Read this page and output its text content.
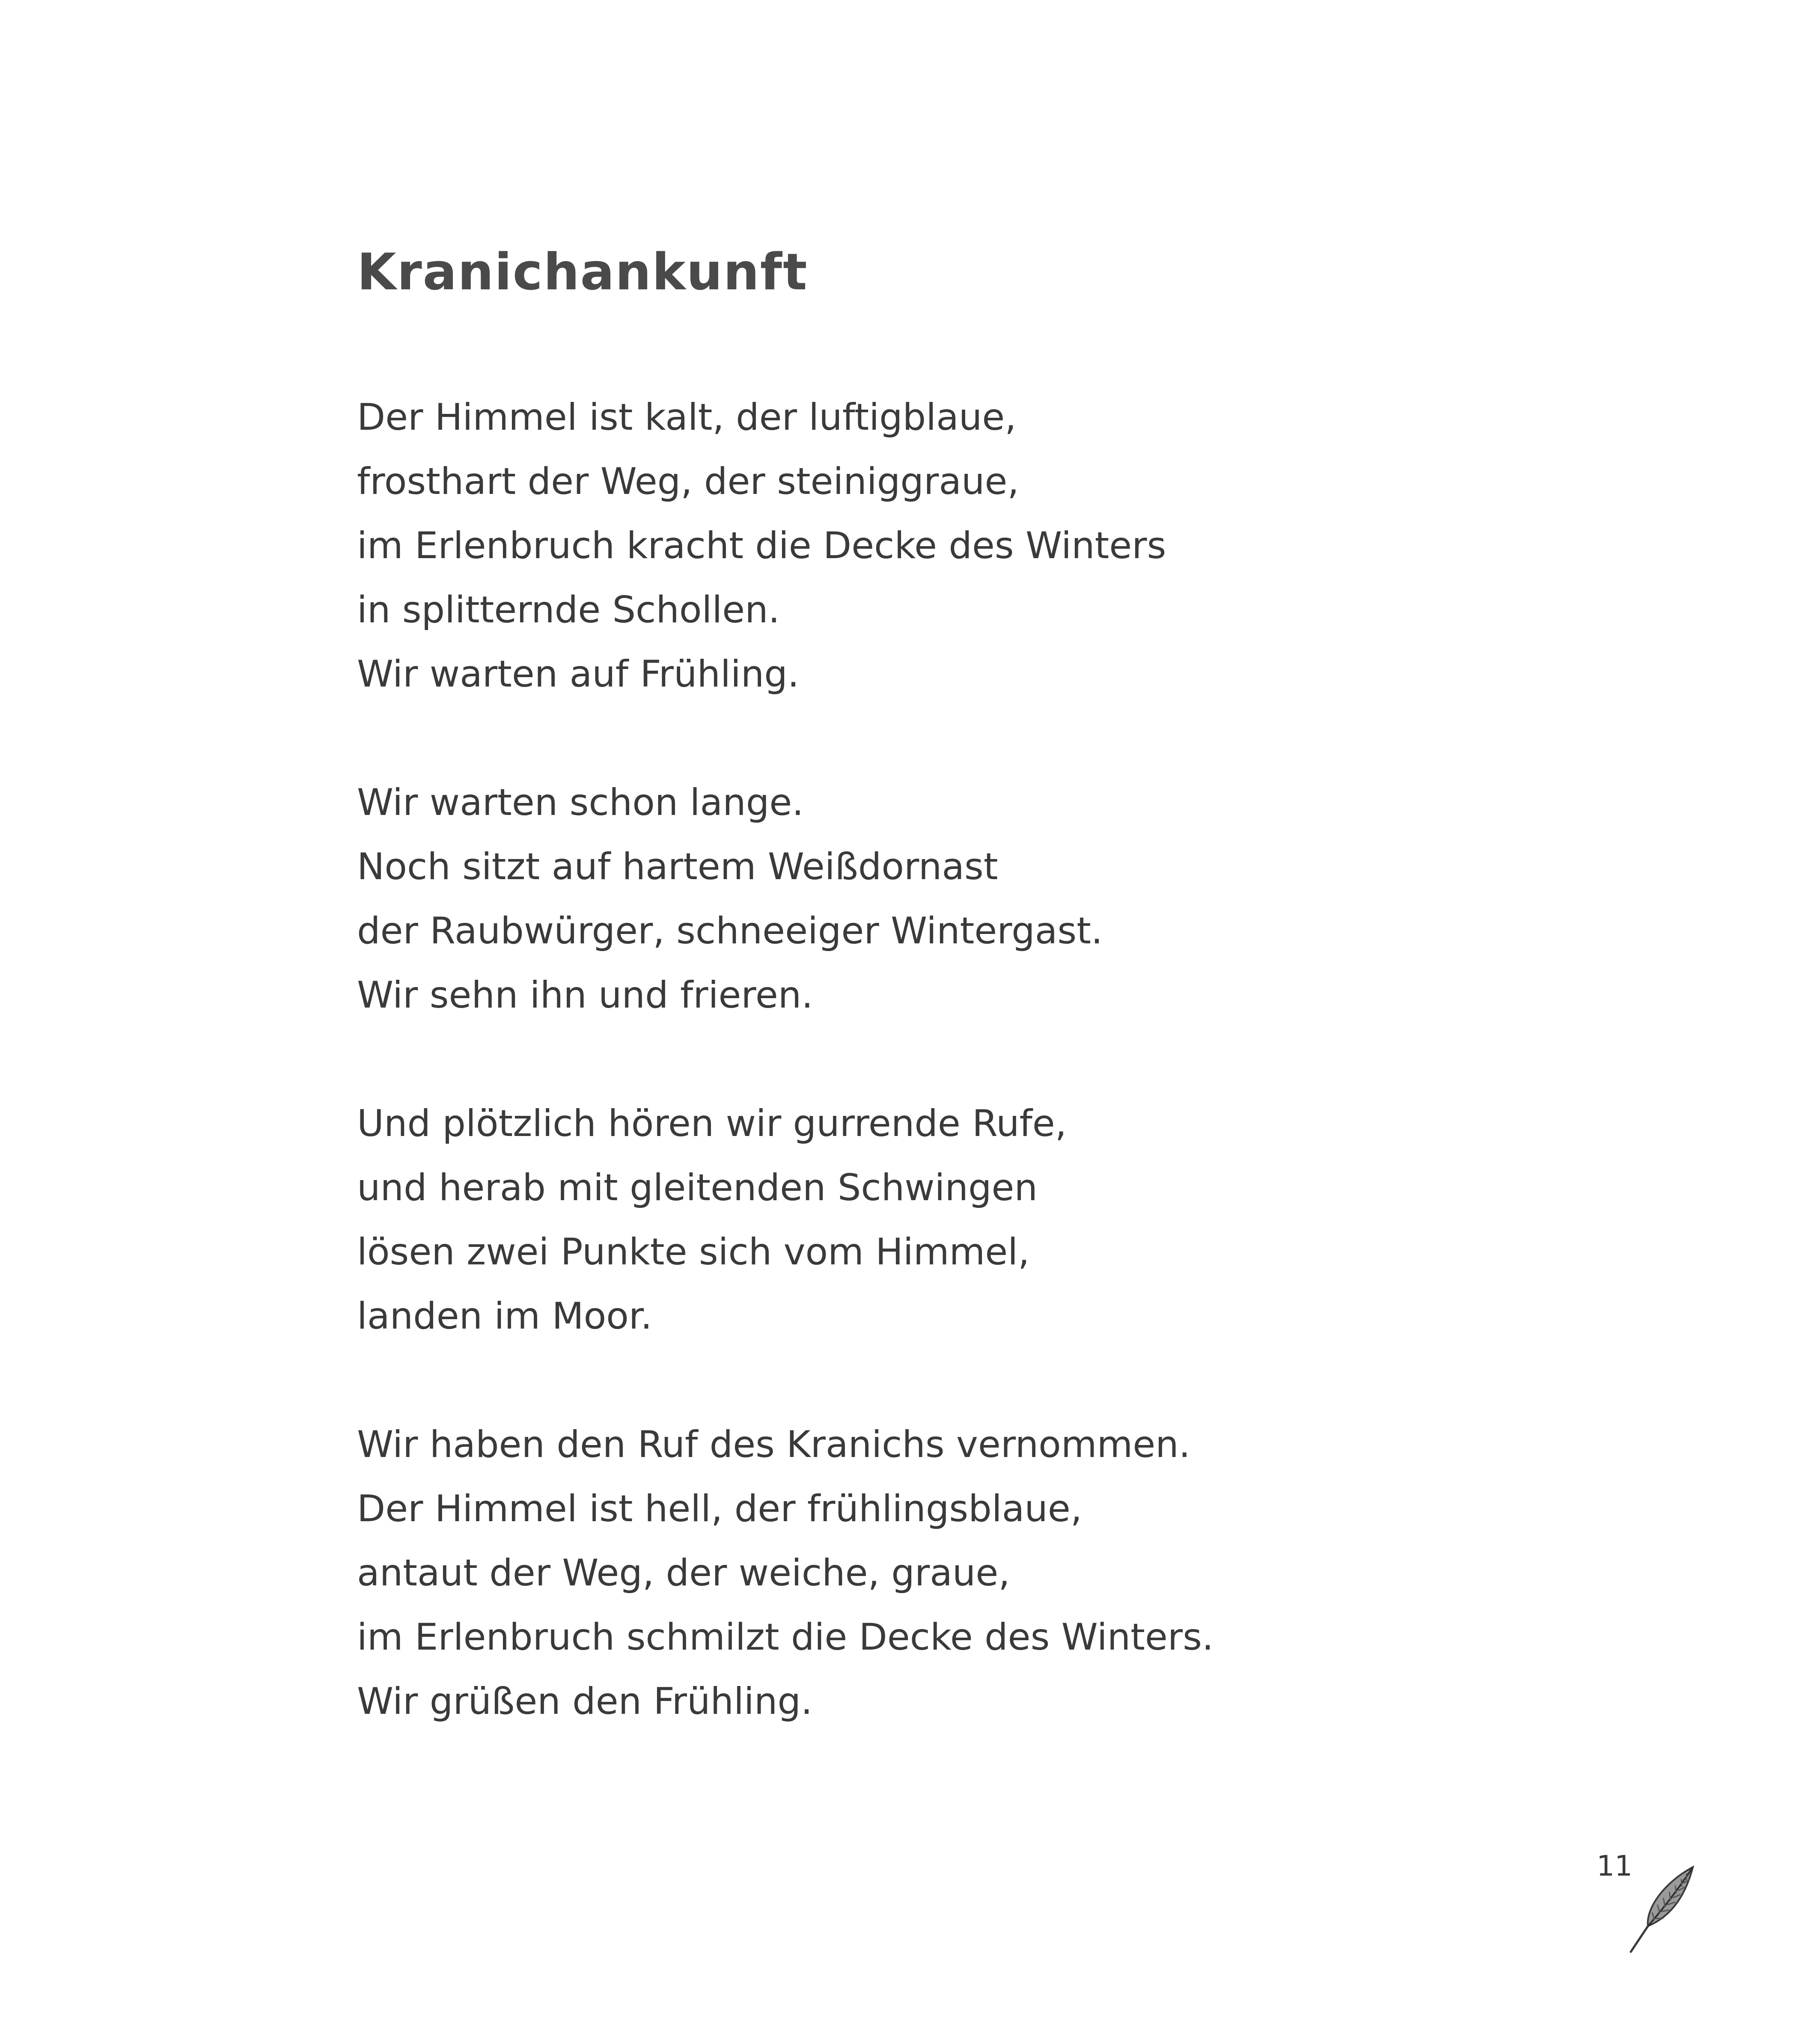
Kranichankunft
Der Himmel ist kalt, der luftigblaue,
frosthart der Weg, der steiniggraue,
im Erlenbruch kracht die Decke des Winters
in splitternde Schollen.
Wir warten auf Frühling.
Wir warten schon lange.
Noch sitzt auf hartem Weißdornast
der Raubwürger, schneeiger Wintergast.
Wir sehn ihn und frieren.
Und plötzlich hören wir gurrende Rufe,
und herab mit gleitenden Schwingen
lösen zwei Punkte sich vom Himmel,
landen im Moor.
Wir haben den Ruf des Kranichs vernommen.
Der Himmel ist hell, der frühlingsblaue,
antaut der Weg, der weiche, graue,
im Erlenbruch schmilzt die Decke des Winters.
Wir grüßen den Frühling.
11
